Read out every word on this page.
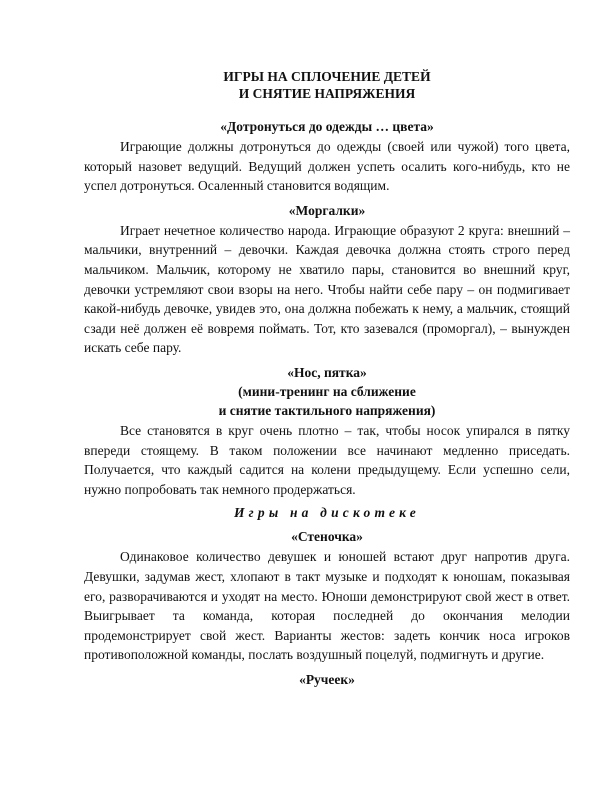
ИГРЫ НА СПЛОЧЕНИЕ ДЕТЕЙ
И СНЯТИЕ НАПРЯЖЕНИЯ
«Дотронуться до одежды … цвета»

Играющие должны дотронуться до одежды (своей или чужой) того цвета, который назовет ведущий. Ведущий должен успеть осалить кого-нибудь, кто не успел дотронуться. Осаленный становится водящим.

«Моргалки»

Играет нечетное количество народа. Играющие образуют 2 круга: внешний – мальчики, внутренний – девочки. Каждая девочка должна стоять строго перед мальчиком. Мальчик, которому не хватило пары, становится во внешний круг, девочки устремляют свои взоры на него. Чтобы найти себе пару – он подмигивает какой-нибудь девочке, увидев это, она должна побежать к нему, а мальчик, стоящий сзади неё должен её вовремя поймать. Тот, кто зазевался (проморгал), – вынужден искать себе пару.

«Нос, пятка»
(мини-тренинг на сближение
и снятие тактильного напряжения)

Все становятся в круг очень плотно – так, чтобы носок упирался в пятку впереди стоящему. В таком положении все начинают медленно приседать. Получается, что каждый садится на колени предыдущему. Если успешно сели, нужно попробовать так немного продержаться.

Игры на дискотеке
«Стеночка»

Одинаковое количество девушек и юношей встают друг напротив друга. Девушки, задумав жест, хлопают в такт музыке и подходят к юношам, показывая его, разворачиваются и уходят на место. Юноши демонстрируют свой жест в ответ. Выигрывает та команда, которая последней до окончания мелодии продемонстрирует свой жест. Варианты жестов: задеть кончик носа игроков противоположной команды, послать воздушный поцелуй, подмигнуть и другие.

«Ручеек»
